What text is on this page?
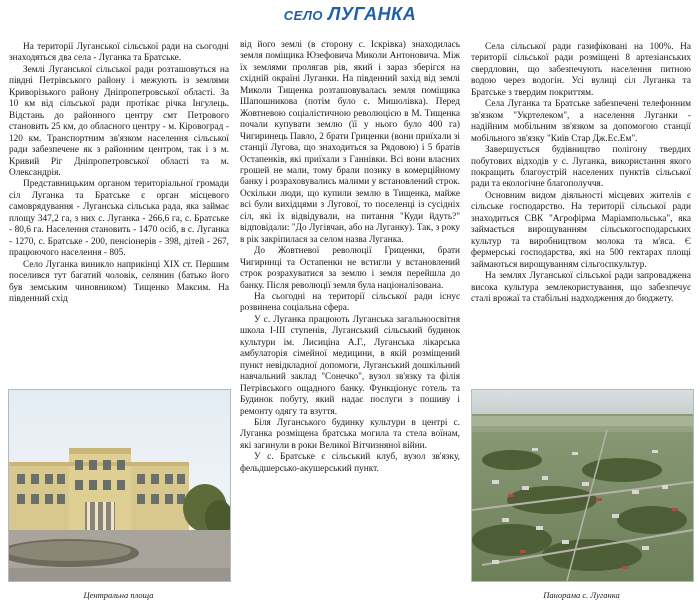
СЕЛО ЛУГАНКА

На території Луганської сільської ради на сьогодні знаходяться два села - Луганка та Братське.

Землі Луганської сільської ради розташовуться на півдні Петрівського району і межують із землями Криворізького району Дніпропетровської області. За 10 км від сільської ради протікає річка Інгулець. Відстань до районного центру смт Петрового становить 25 км, до обласного центру - м. Кіровоград - 120 км. Транспортним зв'язком населення сільської ради забезпечене як з районним центром, так і з м. Кривий Ріг Дніпропетровської області та м. Олександрія.

Представницьким органом територіальної громади сіл Луганка та Братське є орган місцевого самоврядування - Луганська сільська рада, яка займає площу 347,2 га, з них с. Луганка - 266,6 га, с. Братське - 80,6 га. Населення становить - 1470 осіб, в с. Луганка - 1270, с. Братське - 200, пенсіонерів - 398, дітей - 267, працюючого населення - 805.

Село Луганка виникло наприкінці XIX ст. Першим поселився тут багатий чоловік, селянин (батько його був земським чиновником) Тищенко Максим. На південний схід

від його землі (в сторону с. Іскрівка) знаходилась земля поміщика Юзефовича Миколи Антоновича. Між їх землями пролягав рів, який і зараз зберігся на східній окраїні Луганки. На південний захід від землі Миколи Тищенка розташовувалась земля поміщика Шапошникова (потім було с. Мишолівка). Перед Жовтневою соціалістичною революцією в М. Тищенка почали купувати землю (її у нього було 400 га) Чигиринець Павло, 2 брати Гриценки (вони приїхали зі станції Лугова, що знаходиться за Рядовою) і 5 братів Остапенків, які приїхали з Ганнівки. Всі вони власних грошей не мали, тому брали позику в комерційному банку і розраховувались малими у встановлений строк. Оскільки люди, що купили землю в Тищенка, майже всі були вихідцями з Лугової, то поселенці із сусідніх сіл, які їх відвідували, на питання "Куди йдуть?" відповідали: "До Лугівчан, або на Луганку). Так, з року в рік закріпилася за селом назва Луганка.

До Жовтневої революції Гриценки, брати Чигиринці та Остапенки не встигли у встановлений строк розрахуватися за землю і земля перейшла до банку. Після революції земля була націоналізована.

На сьогодні на території сільської ради існує розвинена соціальна сфера.

У с. Луганка працюють Луганська загальноосвітня школа І-ІІІ ступенів, Луганський сільський будинок культури ім. Лисиціна А.Г., Луганська лікарська амбулаторія сімейної медицини, в якій розміщений пункт невідкладної допомоги, Луганський дошкільний навчальний заклад "Сонечко", вузол зв'язку та філія Петрівського ощадного банку. Функціонує готель та Будинок побуту, який надає послуги з пошиву і ремонту одягу та взуття.

Біля Луганського будинку культури в центрі с. Луганка розміщена братська могила та стела воїнам, які загинули в роки Великої Вітчизняної війни.

У с. Братське є сільський клуб, вузол зв'язку, фельдшерсько-акушерський пункт.

Села сільської ради газифіковані на 100%. На території сільської ради розміщені 8 артезіанських свердловин, що забезпечують населення питною водою через водогін. Усі вулиці сіл Луганка та Братське з твердим покриттям.

Села Луганка та Братське забезпечені телефонним зв'язком "Укртелеком", а населення Луганки - надійним мобільним зв'язком за допомогою станції мобільного зв'язку "Київ Стар Дж.Ес.Ем".

Завершується будівництво полігону твердих побутових відходів у с. Луганка, використання якого покращить благоустрій населених пунктів сільської ради та екологічне благополуччя.

Основним видом діяльності місцевих жителів є сільське господарство. На території сільської ради знаходиться СВК "Агрофірма Маріампольська", яка займається вирощуванням сільськогосподарських культур та виробництвом молока та м'яса. Є фермерські господарства, які на 500 гектарах площі займаються вирощуванням сільгоспкультур.

На землях Луганської сільської ради запроваджена висока культура землекористування, що забезпечує сталі врожаї та стабільні надходження до бюджету.

Центральна площа	Панорама с. Луганка
